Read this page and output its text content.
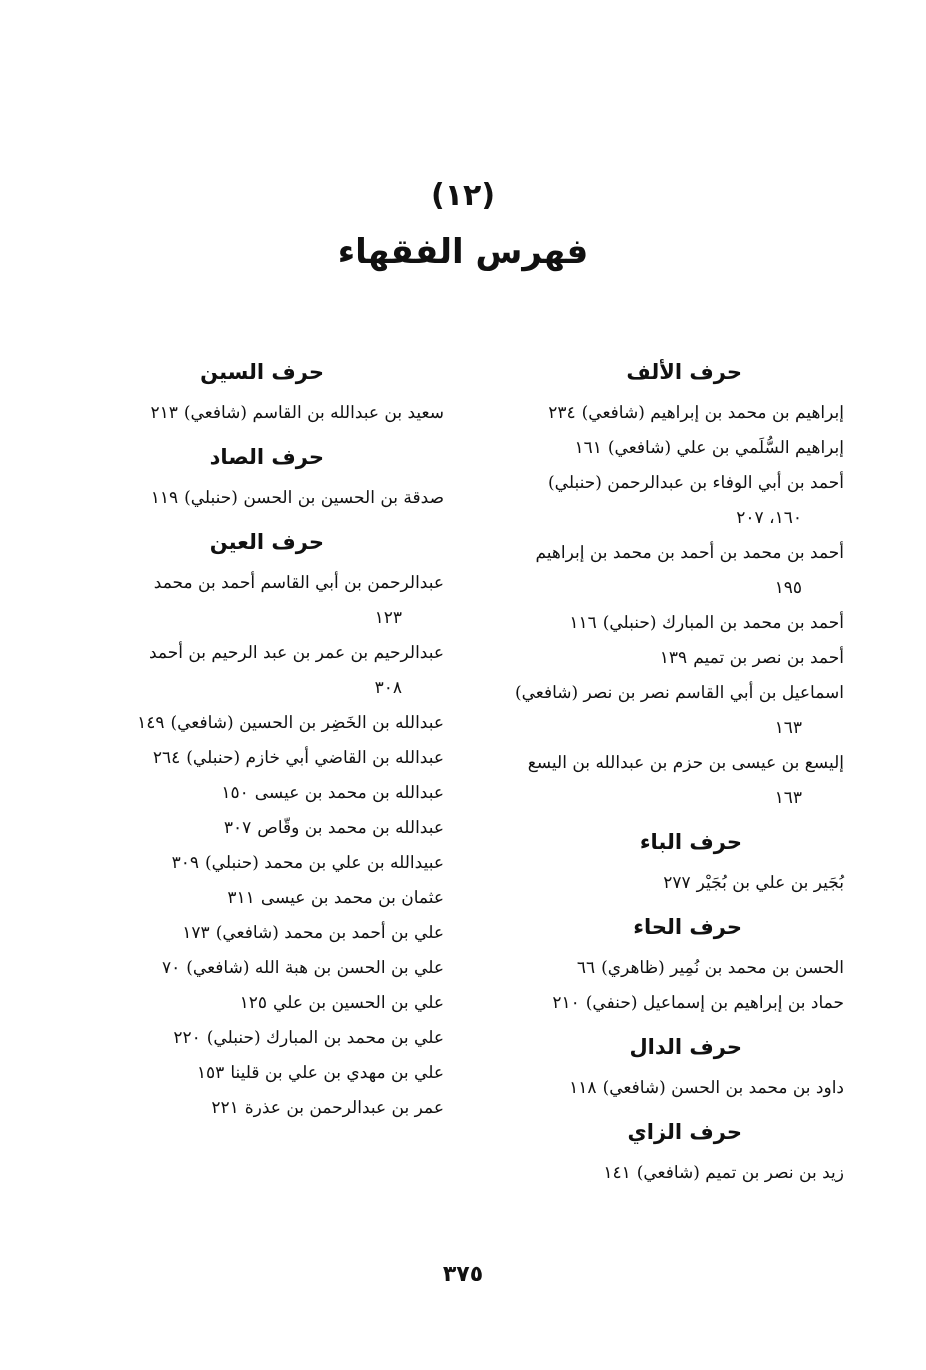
(١٢)
فهرس الفقهاء
حرف الألف
إبراهيم بن محمد بن إبراهيم (شافعي)٢٣٤
إبراهيم السُّلَمي بن علي (شافعي)١٦١
أحمد بن أبي الوفاء بن عبدالرحمن (حنبلي)
١٦٠، ٢٠٧
أحمد بن محمد بن أحمد بن محمد بن إبراهيم
١٩٥
أحمد بن محمد بن المبارك (حنبلي)١١٦
أحمد بن نصر بن تميم١٣٩
اسماعيل بن أبي القاسم نصر بن نصر (شافعي)
١٦٣
إليسع بن عيسى بن حزم بن عبدالله بن اليسع
١٦٣
حرف الباء
بُجَير بن علي بن بُجَيْر٢٧٧
حرف الحاء
الحسن بن محمد بن نُمِير (ظاهري)٦٦
حماد بن إبراهيم بن إسماعيل (حنفي)٢١٠
حرف الدال
داود بن محمد بن الحسن (شافعي)١١٨
حرف الزاي
زيد بن نصر بن تميم (شافعي)١٤١
حرف السين
سعيد بن عبدالله بن القاسم (شافعي)٢١٣
حرف الصاد
صدقة بن الحسين بن الحسن (حنبلي)١١٩
حرف العين
عبدالرحمن بن أبي القاسم أحمد بن محمد
١٢٣
عبدالرحيم بن عمر بن عبد الرحيم بن أحمد
٣٠٨
عبدالله بن الخَضِر بن الحسين (شافعي)١٤٩
عبدالله بن القاضي أبي خازم (حنبلي)٢٦٤
عبدالله بن محمد بن عيسى١٥٠
عبدالله بن محمد بن وقّاص٣٠٧
عبيدالله بن علي بن محمد (حنبلي)٣٠٩
عثمان بن محمد بن عيسى٣١١
علي بن أحمد بن محمد (شافعي)١٧٣
علي بن الحسن بن هبة الله (شافعي)٧٠
علي بن الحسين بن علي١٢٥
علي بن محمد بن المبارك (حنبلي)٢٢٠
علي بن مهدي بن علي بن قلينا١٥٣
عمر بن عبدالرحمن بن عذرة٢٢١
٣٧٥
